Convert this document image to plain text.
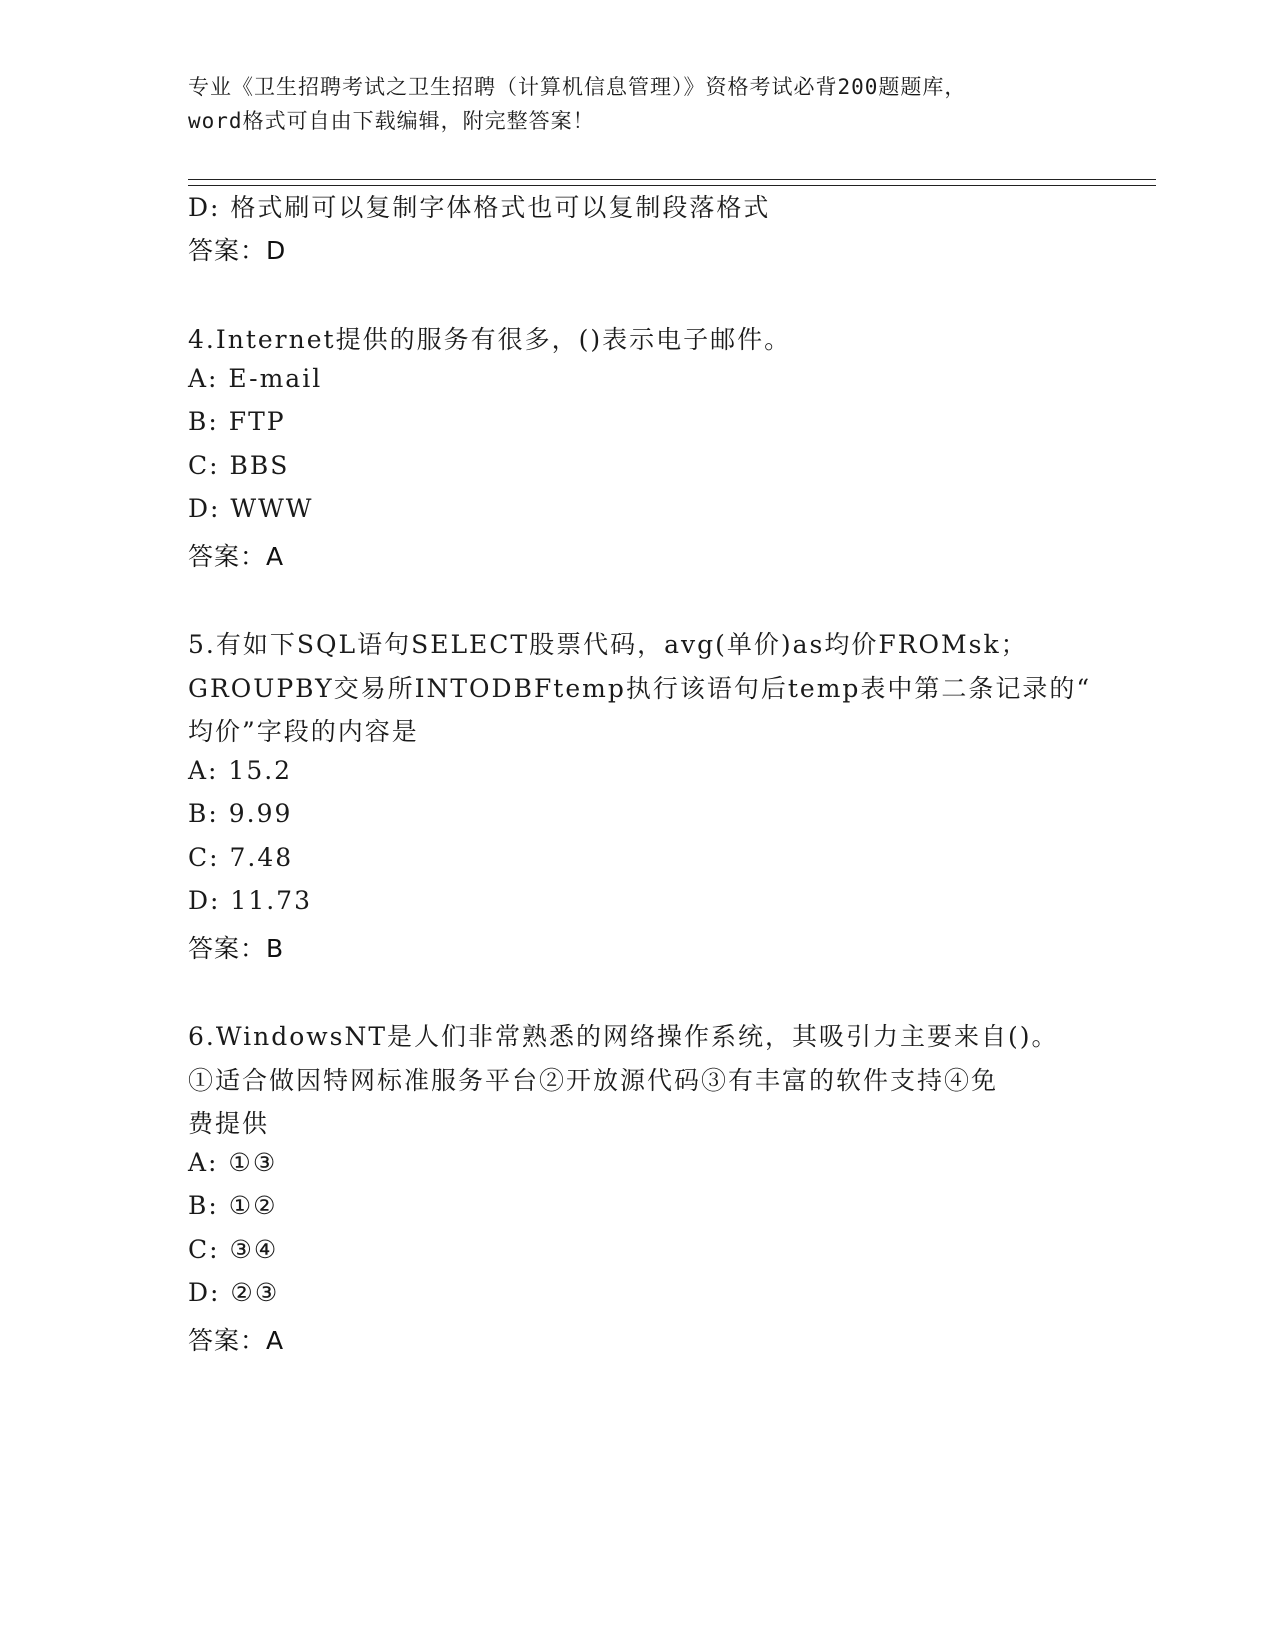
专业《卫生招聘考试之卫生招聘（计算机信息管理）》资格考试必背200题题库，
word格式可自由下载编辑，附完整答案！
D: 格式刷可以复制字体格式也可以复制段落格式
答案：D
4.Internet提供的服务有很多，()表示电子邮件。
A: E-mail
B: FTP
C: BBS
D: WWW
答案：A
5.有如下SQL语句SELECT股票代码，avg(单价)as均价FROMsk；
GROUPBY交易所INTODBFtemp执行该语句后temp表中第二条记录的“
均价”字段的内容是
A: 15.2
B: 9.99
C: 7.48
D: 11.73
答案：B
6.WindowsNT是人们非常熟悉的网络操作系统，其吸引力主要来自()。
①适合做因特网标准服务平台②开放源代码③有丰富的软件支持④免
费提供
A: ①③
B: ①②
C: ③④
D: ②③
答案：A
